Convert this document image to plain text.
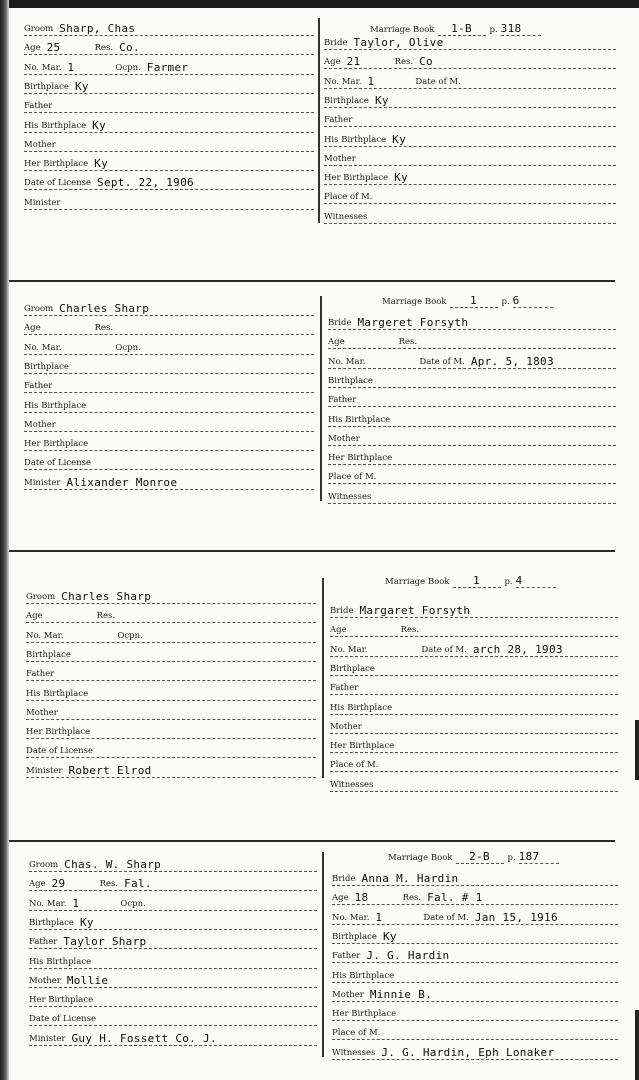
Groom Sharp, Chas
Age 25	Res. Co.
No. Mar. 1	Ocpn. Farmer
Birthplace Ky
Father
His Birthplace Ky
Mother
Her Birthplace Ky
Date of License Sept. 22, 1906
Minister
Marriage Book	1-B	p. 318
Bride Taylor, Olive
Age 21	Res. Co
No. Mar. 1	Date of M.
Birthplace Ky
Father
His Birthplace Ky
Mother
Her Birthplace Ky
Place of M.
Witnesses
Groom Charles Sharp
Age	Res.
No. Mar.	Ocpn.
Birthplace
Father
His Birthplace
Mother
Her Birthplace
Date of License
Minister Alixander Monroe
Marriage Book	1	p. 6
Bride Margeret Forsyth
Age	Res.
No. Mar.	Date of M. Apr. 5, 1803
Birthplace
Father
His Birthplace
Mother
Her Birthplace
Place of M.
Witnesses
Groom Charles Sharp
Age	Res.
No. Mar.	Ocpn.
Birthplace
Father
His Birthplace
Mother
Her Birthplace
Date of License
Minister Robert Elrod
Marriage Book	1	p. 4
Bride Margaret Forsyth
Age	Res.
No. Mar.	Date of M. arch 28, 1903
Birthplace
Father
His Birthplace
Mother
Her Birthplace
Place of M.
Witnesses
Groom Chas. W. Sharp
Age 29	Res. Fal.
No. Mar. 1	Ocpn.
Birthplace Ky
Father Taylor Sharp
His Birthplace
Mother Mollie
Her Birthplace
Date of License
Minister Guy H. Fossett Co. J.
Marriage Book	2-B	p. 187
Bride Anna M. Hardin
Age 18	Res. Fal. # 1
No. Mar. 1	Date of M. Jan 15, 1916
Birthplace Ky
Father J. G. Hardin
His Birthplace
Mother Minnie B.
Her Birthplace
Place of M.
Witnesses J. G. Hardin, Eph Lonaker
